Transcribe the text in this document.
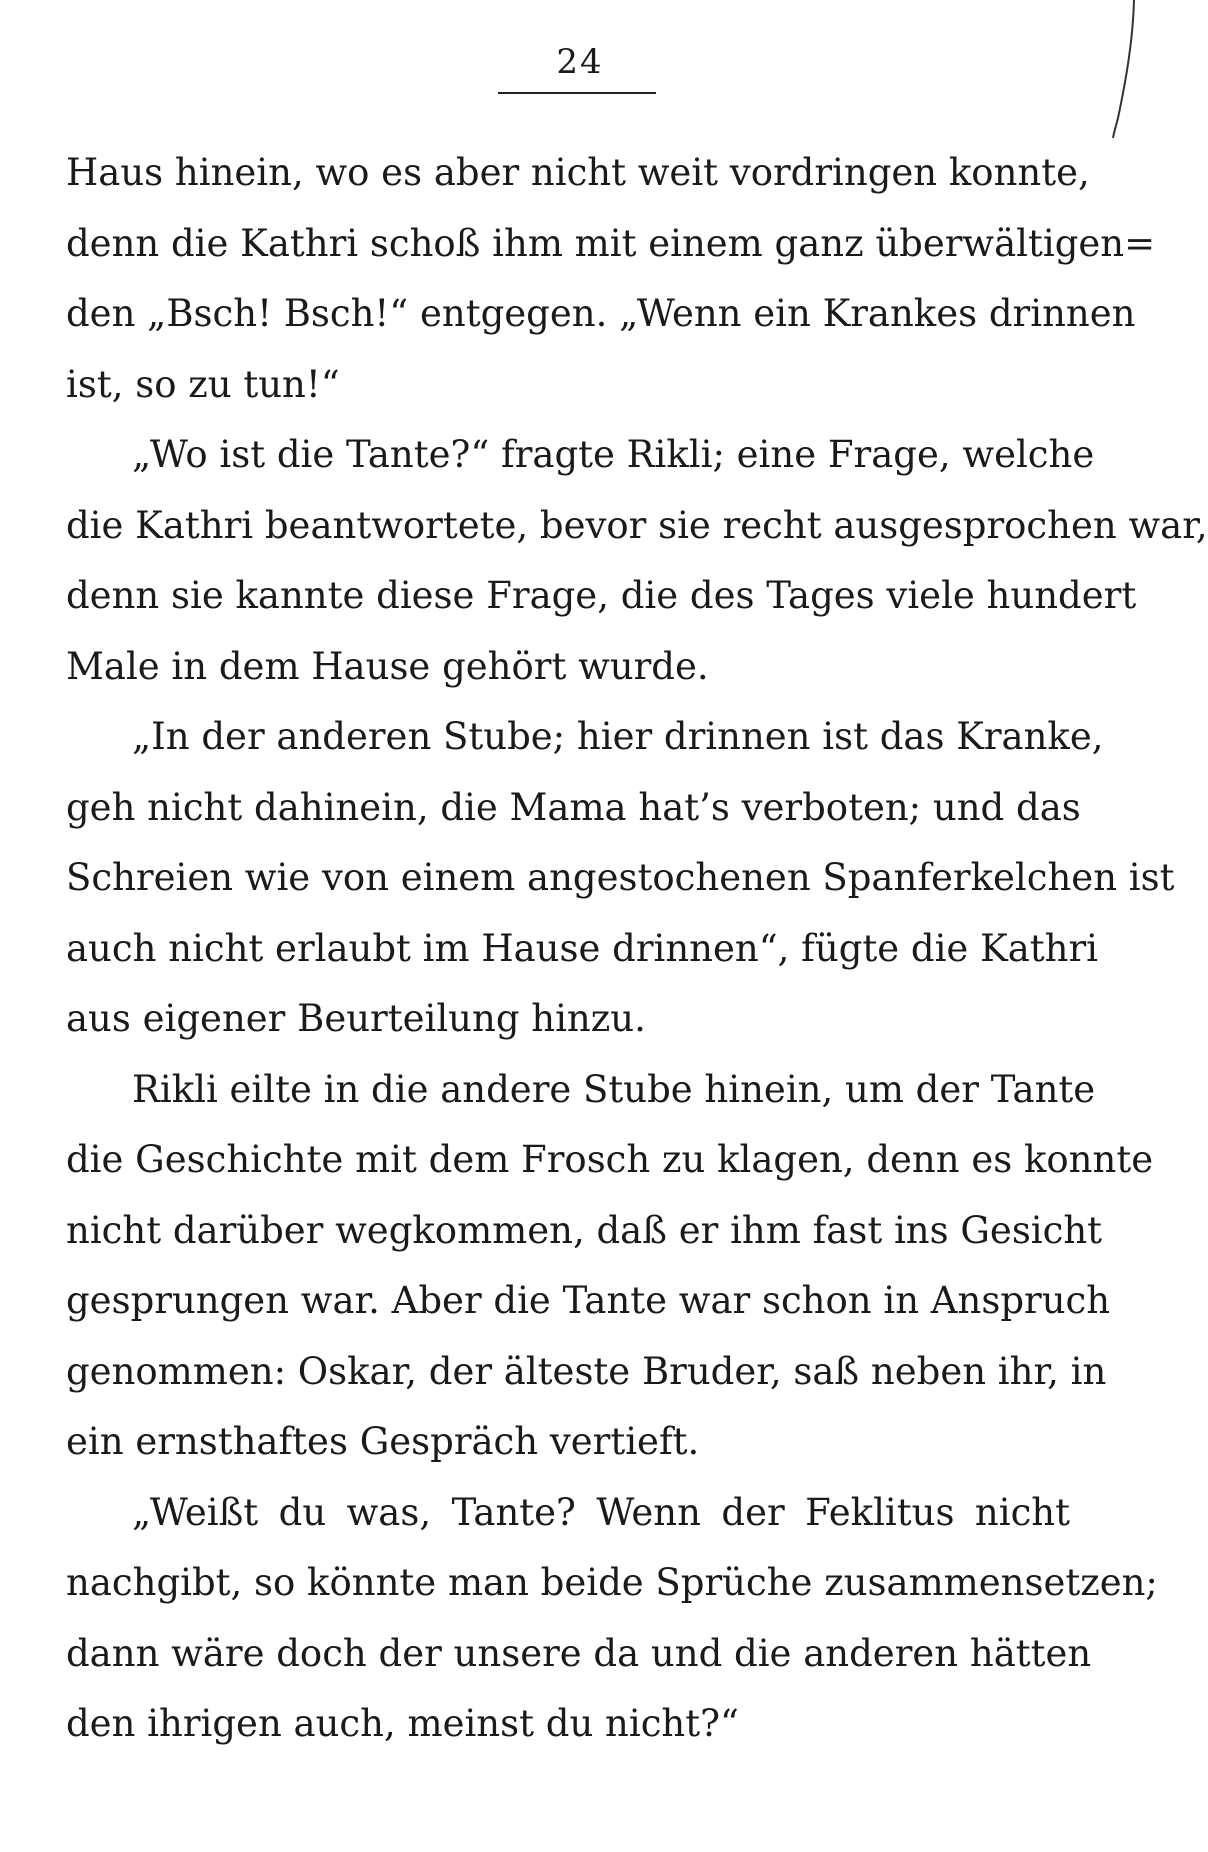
24
Haus hinein, wo es aber nicht weit vordringen konnte,
denn die Kathri schoß ihm mit einem ganz überwältigen=
den „Bsch! Bsch!“ entgegen. „Wenn ein Krankes drinnen
ist, so zu tun!“
„Wo ist die Tante?“ fragte Rikli; eine Frage, welche
die Kathri beantwortete, bevor sie recht ausgesprochen war,
denn sie kannte diese Frage, die des Tages viele hundert
Male in dem Hause gehört wurde.
„In der anderen Stube; hier drinnen ist das Kranke,
geh nicht dahinein, die Mama hat’s verboten; und das
Schreien wie von einem angestochenen Spanferkelchen ist
auch nicht erlaubt im Hause drinnen“, fügte die Kathri
aus eigener Beurteilung hinzu.
Rikli eilte in die andere Stube hinein, um der Tante
die Geschichte mit dem Frosch zu klagen, denn es konnte
nicht darüber wegkommen, daß er ihm fast ins Gesicht
gesprungen war. Aber die Tante war schon in Anspruch
genommen: Oskar, der älteste Bruder, saß neben ihr, in
ein ernsthaftes Gespräch vertieft.
„Weißt du was, Tante? Wenn der Feklitus nicht
nachgibt, so könnte man beide Sprüche zusammensetzen;
dann wäre doch der unsere da und die anderen hätten
den ihrigen auch, meinst du nicht?“
